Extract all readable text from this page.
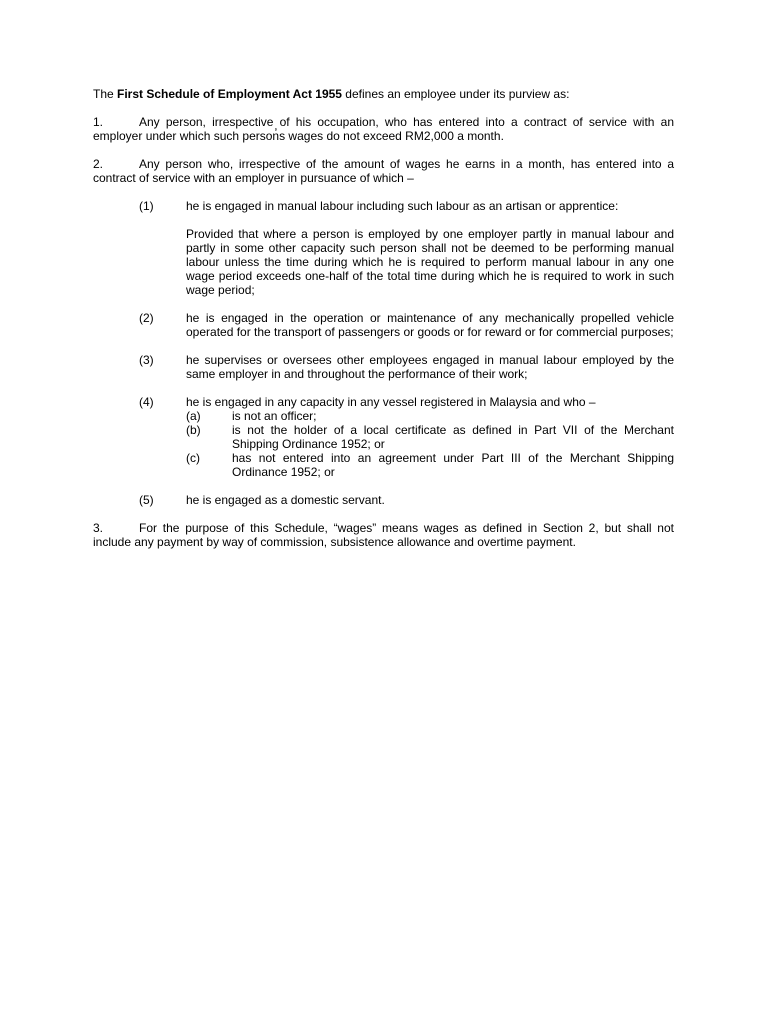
The First Schedule of Employment Act 1955 defines an employee under its purview as:

1.	Any person, irrespective of his occupation, who has entered into a contract of service with an employer under which such person̓s wages do not exceed RM2,000 a month.

2.	Any person who, irrespective of the amount of wages he earns in a month, has entered into a contract of service with an employer in pursuance of which –

(1)	he is engaged in manual labour including such labour as an artisan or apprentice:

Provided that where a person is employed by one employer partly in manual labour and partly in some other capacity such person shall not be deemed to be performing manual labour unless the time during which he is required to perform manual labour in any one wage period exceeds one-half of the total time during which he is required to work in such wage period;

(2)	he is engaged in the operation or maintenance of any mechanically propelled vehicle operated for the transport of passengers or goods or for reward or for commercial purposes;

(3)	he supervises or oversees other employees engaged in manual labour employed by the same employer in and throughout the performance of their work;

(4)	he is engaged in any capacity in any vessel registered in Malaysia and who –

(a)	is not an officer;

(b)	is not the holder of a local certificate as defined in Part VII of the Merchant Shipping Ordinance 1952; or

(c)	has not entered into an agreement under Part III of the Merchant Shipping Ordinance 1952; or

(5)	he is engaged as a domestic servant.

3.	For the purpose of this Schedule, “wages” means wages as defined in Section 2, but shall not include any payment by way of commission, subsistence allowance and overtime payment.
